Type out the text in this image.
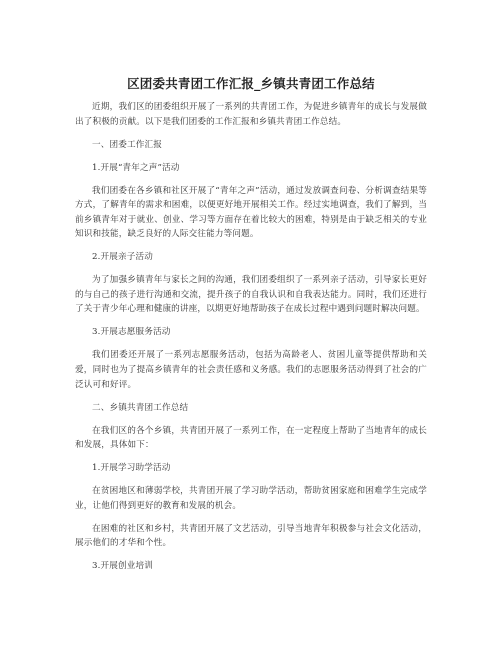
区团委共青团工作汇报_乡镇共青团工作总结
近期，我们区的团委组织开展了一系列的共青团工作，为促进乡镇青年的成长与发展做出了积极的贡献。以下是我们团委的工作汇报和乡镇共青团工作总结。
一、团委工作汇报
1.开展“青年之声”活动
我们团委在各乡镇和社区开展了“青年之声”活动，通过发放调查问卷、分析调查结果等方式，了解青年的需求和困难，以便更好地开展相关工作。经过实地调查，我们了解到，当前乡镇青年对于就业、创业、学习等方面存在着比较大的困难，特别是由于缺乏相关的专业知识和技能，缺乏良好的人际交往能力等问题。
2.开展亲子活动
为了加强乡镇青年与家长之间的沟通，我们团委组织了一系列亲子活动，引导家长更好的与自己的孩子进行沟通和交流，提升孩子的自我认识和自我表达能力。同时，我们还进行了关于青少年心理和健康的讲座，以期更好地帮助孩子在成长过程中遇到问题时解决问题。
3.开展志愿服务活动
我们团委还开展了一系列志愿服务活动，包括为高龄老人、贫困儿童等提供帮助和关爱，同时也为了提高乡镇青年的社会责任感和义务感。我们的志愿服务活动得到了社会的广泛认可和好评。
二、乡镇共青团工作总结
在我们区的各个乡镇，共青团开展了一系列工作，在一定程度上帮助了当地青年的成长和发展，具体如下：
1.开展学习助学活动
在贫困地区和薄弱学校，共青团开展了学习助学活动，帮助贫困家庭和困难学生完成学业，让他们得到更好的教育和发展的机会。
在困难的社区和乡村，共青团开展了文艺活动，引导当地青年积极参与社会文化活动，展示他们的才华和个性。
3.开展创业培训
